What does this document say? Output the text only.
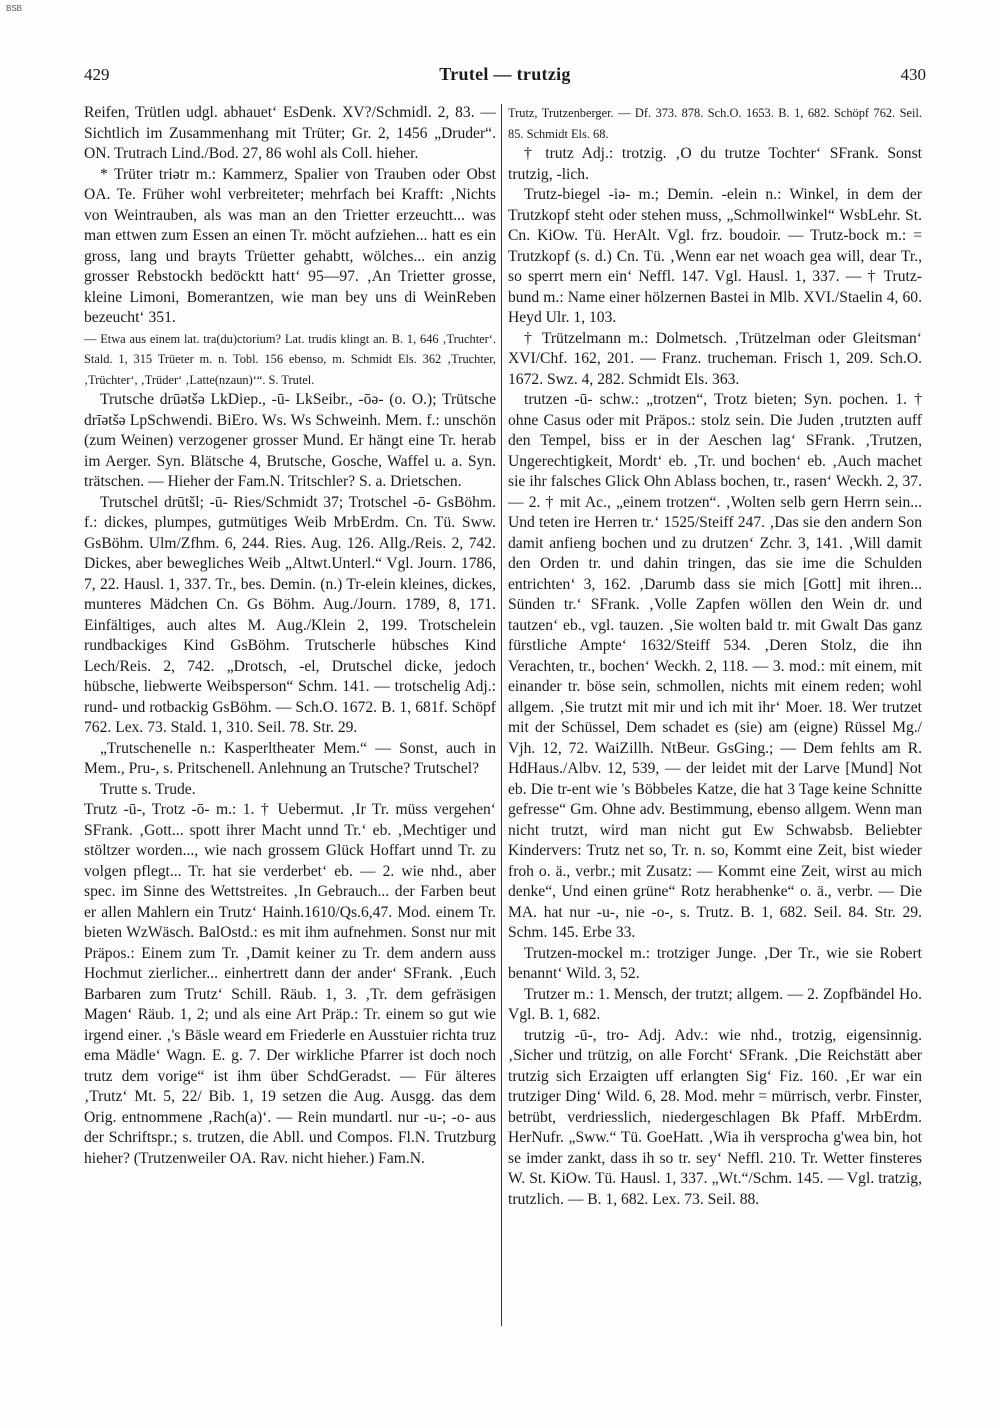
BSB
429	Trutel — trutzig	430

Reifen, Trütlen udgl. abhauet‘ EsDenk. XV?/Schmidl. 2, 83. — Sichtlich im Zusammenhang mit Trüter; Gr. 2, 1456 „Druder“. ON. Trutrach Lind./Bod. 27, 86 wohl als Coll. hieher.

* Trüter triətr m.: Kammerz, Spalier von Trauben oder Obst OA. Te. Früher wohl verbreiteter; mehrfach bei Krafft: ‚Nichts von Weintrauben, als was man an den Trietter erzeuchtt... was man ettwen zum Essen an einen Tr. möcht aufziehen... hatt es ein gross, lang und brayts Trüetter gehabtt, wölches... ein anzig grosser Rebstockh bedöcktt hatt‘ 95—97. ‚An Trietter grosse, kleine Limoni, Bomerantzen, wie man bey uns di WeinReben bezeucht‘ 351.

— Etwa aus einem lat. tra(du)ctorium? Lat. trudis klingt an. B. 1, 646 ‚Truchter‘. Stald. 1, 315 Trüeter m. n. Tobl. 156 ebenso, m. Schmidt Els. 362 ‚Truchter, ‚Trüchter‘, ‚Trüder‘ ‚Latte(nzaun)‘“. S. Trutel.

Trutsche drūətšə LkDiep., -ū- LkSeibr., -ōə- (o. O.); Trütsche drīətšə LpSchwendi. BiEro. Ws. Ws Schweinh. Mem. f.: unschön (zum Weinen) verzogener grosser Mund. Er hängt eine Tr. herab im Aerger. Syn. Blätsche 4, Brutsche, Gosche, Waffel u. a. Syn. trätschen. — Hieher der Fam.N. Tritschler? S. a. Drietschen.

Trutschel drūtšl; -ū- Ries/Schmidt 37; Trotschel -ō- GsBöhm. f.: dickes, plumpes, gutmütiges Weib MrbErdm. Cn. Tü. Sww. GsBöhm. Ulm/Zfhm. 6, 244. Ries. Aug. 126. Allg./Reis. 2, 742. Dickes, aber bewegliches Weib „Altwt.Unterl.“ Vgl. Journ. 1786, 7, 22. Hausl. 1, 337. Tr., bes. Demin. (n.) Tr-elein kleines, dickes, munteres Mädchen Cn. Gs Böhm. Aug./Journ. 1789, 8, 171. Einfältiges, auch altes M. Aug./Klein 2, 199. Trotschelein rundbackiges Kind GsBöhm. Trutscherle hübsches Kind Lech/Reis. 2, 742. „Drotsch, -el, Drutschel dicke, jedoch hübsche, liebwerte Weibsperson“ Schm. 141. — trotschelig Adj.: rund- und rotbackig GsBöhm. — Sch.O. 1672. B. 1, 681f. Schöpf 762. Lex. 73. Stald. 1, 310. Seil. 78. Str. 29.

„Trutschenelle n.: Kasperltheater Mem.“ — Sonst, auch in Mem., Pru-, s. Pritschenell. Anlehnung an Trutsche? Trutschel?

Trutte s. Trude.

Trutz -ū-, Trotz -ō- m.: 1. † Uebermut. ‚Ir Tr. müss vergehen‘ SFrank. ‚Gott... spott ihrer Macht unnd Tr.‘ eb. ‚Mechtiger und stöltzer worden..., wie nach grossem Glück Hoffart unnd Tr. zu volgen pflegt... Tr. hat sie verderbet‘ eb. — 2. wie nhd., aber spec. im Sinne des Wettstreites. ‚In Gebrauch... der Farben beut er allen Mahlern ein Trutz‘ Hainh.1610/Qs.6,47. Mod. einem Tr. bieten WzWäsch. BalOstd.: es mit ihm aufnehmen. Sonst nur mit Präpos.: Einem zum Tr. ‚Damit keiner zu Tr. dem andern auss Hochmut zierlicher... einhertrett dann der ander‘ SFrank. ‚Euch Barbaren zum Trutz‘ Schill. Räub. 1, 3. ‚Tr. dem gefräsigen Magen‘ Räub. 1, 2; und als eine Art Präp.: Tr. einem so gut wie irgend einer. ‚'s Bäsle weard em Friederle en Ausstuier richta truz ema Mädle‘ Wagn. E. g. 7. Der wirkliche Pfarrer ist doch noch trutz dem vorige“ ist ihm über SchdGeradst. — Für älteres ‚Trutz‘ Mt. 5, 22/ Bib. 1, 19 setzen die Aug. Ausgg. das dem Orig. entnommene ‚Rach(a)‘. — Rein mundartl. nur -u-; -o- aus der Schriftspr.; s. trutzen, die Abll. und Compos. Fl.N. Trutzburg hieher? (Trutzenweiler OA. Rav. nicht hieher.) Fam.N.

Trutz, Trutzenberger. — Df. 373. 878. Sch.O. 1653. B. 1, 682. Schöpf 762. Seil. 85. Schmidt Els. 68.

† trutz Adj.: trotzig. ‚O du trutze Tochter‘ SFrank. Sonst trutzig, -lich.

Trutz-biegel -iə- m.; Demin. -elein n.: Winkel, in dem der Trutzkopf steht oder stehen muss, „Schmollwinkel“ WsbLehr. St. Cn. KiOw. Tü. HerAlt. Vgl. frz. boudoir. — Trutz-bock m.: = Trutzkopf (s. d.) Cn. Tü. ‚Wenn ear net woach gea will, dear Tr., so sperrt mern ein‘ Neffl. 147. Vgl. Hausl. 1, 337. — † Trutz-bund m.: Name einer hölzernen Bastei in Mlb. XVI./Staelin 4, 60. Heyd Ulr. 1, 103.

† Trützelmann m.: Dolmetsch. ‚Trützelman oder Gleitsman‘ XVI/Chf. 162, 201. — Franz. trucheman. Frisch 1, 209. Sch.O. 1672. Swz. 4, 282. Schmidt Els. 363.

trutzen -ū- schw.: „trotzen“, Trotz bieten; Syn. pochen. 1. † ohne Casus oder mit Präpos.: stolz sein. Die Juden ‚trutzten auff den Tempel, biss er in der Aeschen lag‘ SFrank. ‚Trutzen, Ungerechtigkeit, Mordt‘ eb. ‚Tr. und bochen‘ eb. ‚Auch machet sie ihr falsches Glick Ohn Ablass bochen, tr., rasen‘ Weckh. 2, 37. — 2. † mit Ac., „einem trotzen“. ‚Wolten selb gern Herrn sein... Und teten ire Herren tr.‘ 1525/Steiff 247. ‚Das sie den andern Son damit anfieng bochen und zu drutzen‘ Zchr. 3, 141. ‚Will damit den Orden tr. und dahin tringen, das sie ime die Schulden entrichten‘ 3, 162. ‚Darumb dass sie mich [Gott] mit ihren... Sünden tr.‘ SFrank. ‚Volle Zapfen wöllen den Wein dr. und tautzen‘ eb., vgl. tauzen. ‚Sie wolten bald tr. mit Gwalt Das ganz fürstliche Ampte‘ 1632/Steiff 534. ‚Deren Stolz, die ihn Verachten, tr., bochen‘ Weckh. 2, 118. — 3. mod.: mit einem, mit einander tr. böse sein, schmollen, nichts mit einem reden; wohl allgem. ‚Sie trutzt mit mir und ich mit ihr‘ Moer. 18. Wer trutzet mit der Schüssel, Dem schadet es (sie) am (eigne) Rüssel Mg./ Vjh. 12, 72. WaiZillh. NtBeur. GsGing.; — Dem fehlts am R. HdHaus./Albv. 12, 539, — der leidet mit der Larve [Mund] Not eb. Die tr-ent wie 's Böbbeles Katze, die hat 3 Tage keine Schnitte gefresse“ Gm. Ohne adv. Bestimmung, ebenso allgem. Wenn man nicht trutzt, wird man nicht gut Ew Schwabsb. Beliebter Kindervers: Trutz net so, Tr. n. so, Kommt eine Zeit, bist wieder froh o. ä., verbr.; mit Zusatz: — Kommt eine Zeit, wirst au mich denke“, Und einen grüne“ Rotz herabhenke“ o. ä., verbr. — Die MA. hat nur -u-, nie -o-, s. Trutz. B. 1, 682. Seil. 84. Str. 29. Schm. 145. Erbe 33.

Trutzen-mockel m.: trotziger Junge. ‚Der Tr., wie sie Robert benannt‘ Wild. 3, 52.

Trutzer m.: 1. Mensch, der trutzt; allgem. — 2. Zopfbändel Ho. Vgl. B. 1, 682.

trutzig -ū-, tro- Adj. Adv.: wie nhd., trotzig, eigensinnig. ‚Sicher und trützig, on alle Forcht‘ SFrank. ‚Die Reichstätt aber trutzig sich Erzaigten uff erlangten Sig‘ Fiz. 160. ‚Er war ein trutziger Ding‘ Wild. 6, 28. Mod. mehr = mürrisch, verbr. Finster, betrübt, verdriesslich, niedergeschlagen Bk Pfaff. MrbErdm. HerNufr. „Sww.“ Tü. GoeHatt. ‚Wia ih versprocha g'wea bin, hot se imder zankt, dass ih so tr. sey‘ Neffl. 210. Tr. Wetter finsteres W. St. KiOw. Tü. Hausl. 1, 337. „Wt.“/Schm. 145. — Vgl. tratzig, trutzlich. — B. 1, 682. Lex. 73. Seil. 88.
